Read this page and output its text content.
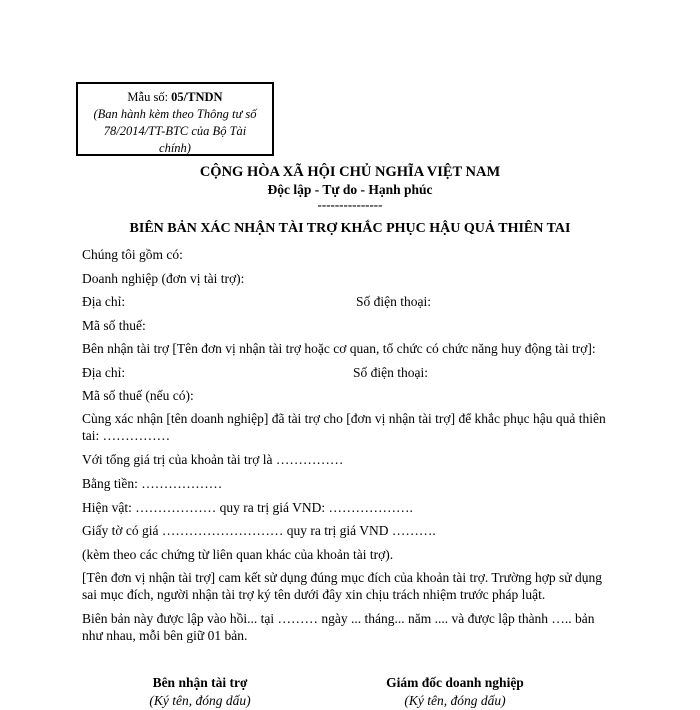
Mẫu số: 05/TNDN
(Ban hành kèm theo Thông tư số
78/2014/TT-BTC của Bộ Tài
chính)
CỘNG HÒA XÃ HỘI CHỦ NGHĨA VIỆT NAM
Độc lập - Tự do - Hạnh phúc
---------------
BIÊN BẢN XÁC NHẬN TÀI TRỢ KHẮC PHỤC HẬU QUẢ THIÊN TAI
Chúng tôi gồm có:
Doanh nghiệp (đơn vị tài trợ):
Địa chỉ:	Số điện thoại:
Mã số thuế:
Bên nhận tài trợ [Tên đơn vị nhận tài trợ hoặc cơ quan, tổ chức có chức năng huy động tài trợ]:
Địa chỉ:	Số điện thoại:
Mã số thuế (nếu có):
Cùng xác nhận [tên doanh nghiệp] đã tài trợ cho [đơn vị nhận tài trợ] để khắc phục hậu quả thiên
tai: ……………
Với tổng giá trị của khoản tài trợ là ……………
Bằng tiền: ………………
Hiện vật: ……………… quy ra trị giá VND: ……………….
Giấy tờ có giá ……………………… quy ra trị giá VND ……….
(kèm theo các chứng từ liên quan khác của khoản tài trợ).
[Tên đơn vị nhận tài trợ] cam kết sử dụng đúng mục đích của khoản tài trợ. Trường hợp sử dụng
sai mục đích, người nhận tài trợ ký tên dưới đây xin chịu trách nhiệm trước pháp luật.
Biên bản này được lập vào hồi... tại ……… ngày ... tháng... năm .... và được lập thành ….. bản
như nhau, mỗi bên giữ 01 bản.
Bên nhận tài trợ
(Ký tên, đóng dấu)
Giám đốc doanh nghiệp
(Ký tên, đóng dấu)
